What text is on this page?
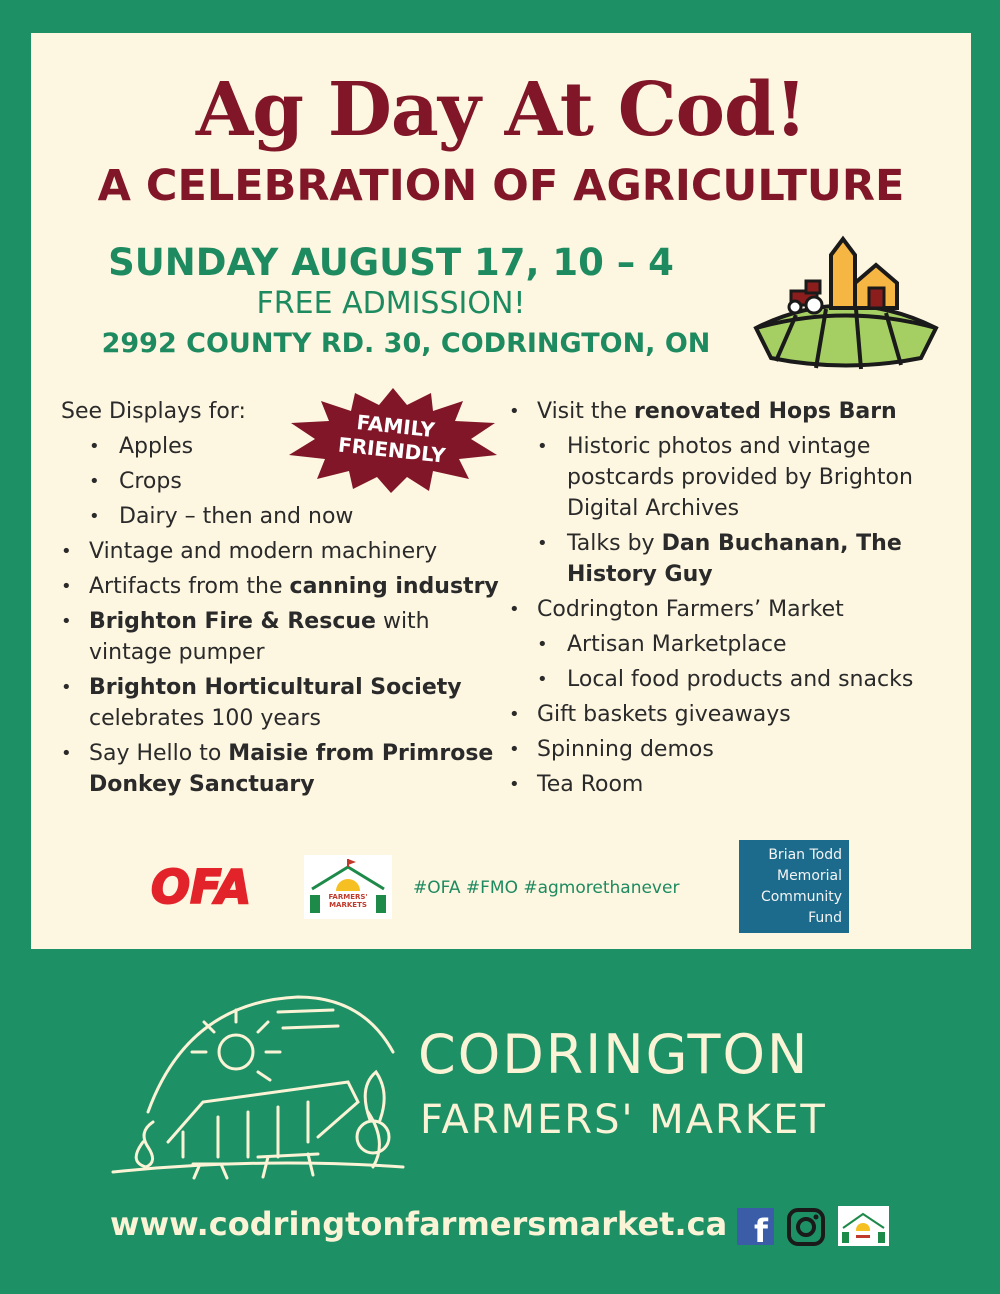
Ag Day At Cod!
A CELEBRATION OF AGRICULTURE
SUNDAY AUGUST 17, 10 – 4
FREE ADMISSION!
2992 COUNTY RD. 30, CODRINGTON, ON
See Displays for:
• Apples
• Crops
• Dairy – then and now
• Vintage and modern machinery
• Artifacts from the canning industry
• Brighton Fire & Rescue with vintage pumper
• Brighton Horticultural Society celebrates 100 years
• Say Hello to Maisie from Primrose Donkey Sanctuary
FAMILY
FRIENDLY
• Visit the renovated Hops Barn
• Historic photos and vintage postcards provided by Brighton Digital Archives
• Talks by Dan Buchanan, The History Guy
• Codrington Farmers’ Market
• Artisan Marketplace
• Local food products and snacks
• Gift baskets giveaways
• Spinning demos
• Tea Room
OFA	FARMERS'
MARKETS
#OFA #FMO #agmorethanever
Brian Todd
Memorial
Community
Fund
CODRINGTON
FARMERS' MARKET
www.codringtonfarmersmarket.ca f
